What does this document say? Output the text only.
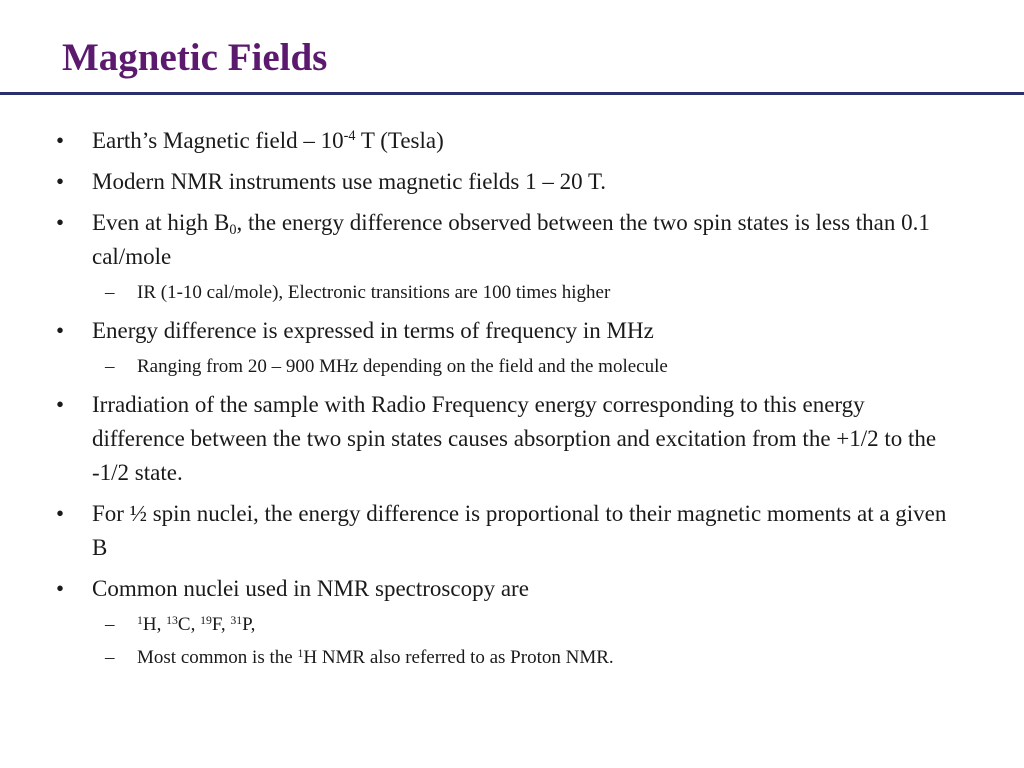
Magnetic Fields
• Earth’s Magnetic field – $10^{-4}$ T (Tesla)
• Modern NMR instruments use magnetic fields 1 – 20 T.
• Even at high $B_0$, the energy difference observed between the two spin states is less than 0.1 cal/mole
– IR (1-10 cal/mole), Electronic transitions are 100 times higher
• Energy difference is expressed in terms of frequency in MHz
– Ranging from 20 – 900 MHz depending on the field and the molecule
• Irradiation of the sample with Radio Frequency energy corresponding to this energy difference between the two spin states causes absorption and excitation from the +1/2 to the -1/2 state.
• For ½ spin nuclei, the energy difference is proportional to their magnetic moments at a given B
• Common nuclei used in NMR spectroscopy are
– $^1$H, $^{13}$C, $^{19}$F, $^{31}$P,
– Most common is the $^1$H NMR also referred to as Proton NMR.
